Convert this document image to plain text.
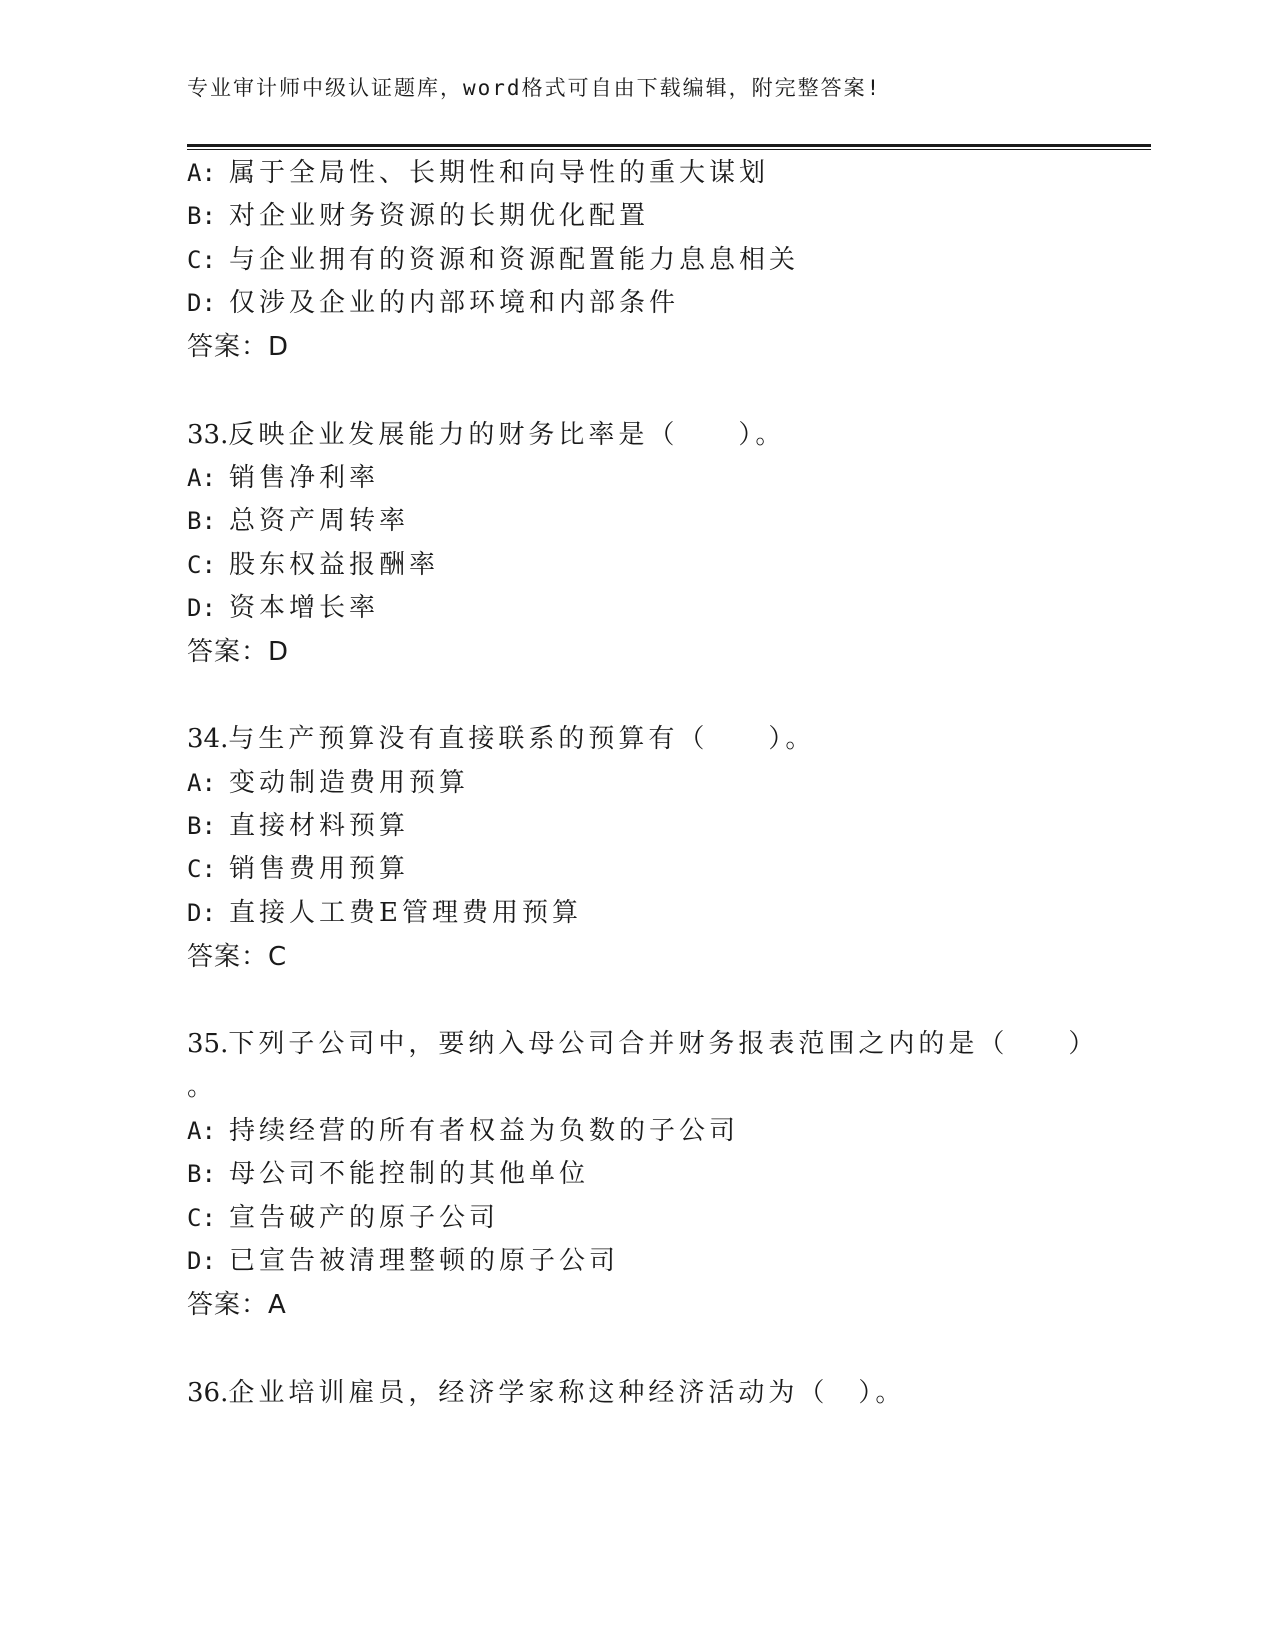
专业审计师中级认证题库，word格式可自由下载编辑，附完整答案!
A: 属于全局性、长期性和向导性的重大谋划
B: 对企业财务资源的长期优化配置
C: 与企业拥有的资源和资源配置能力息息相关
D: 仅涉及企业的内部环境和内部条件
答案：D
33.反映企业发展能力的财务比率是（　　）。
A: 销售净利率
B: 总资产周转率
C: 股东权益报酬率
D: 资本增长率
答案：D
34.与生产预算没有直接联系的预算有（　　）。
A: 变动制造费用预算
B: 直接材料预算
C: 销售费用预算
D: 直接人工费E管理费用预算
答案：C
35.下列子公司中，要纳入母公司合并财务报表范围之内的是（　　）
。
A: 持续经营的所有者权益为负数的子公司
B: 母公司不能控制的其他单位
C: 宣告破产的原子公司
D: 已宣告被清理整顿的原子公司
答案：A
36.企业培训雇员，经济学家称这种经济活动为（　）。
